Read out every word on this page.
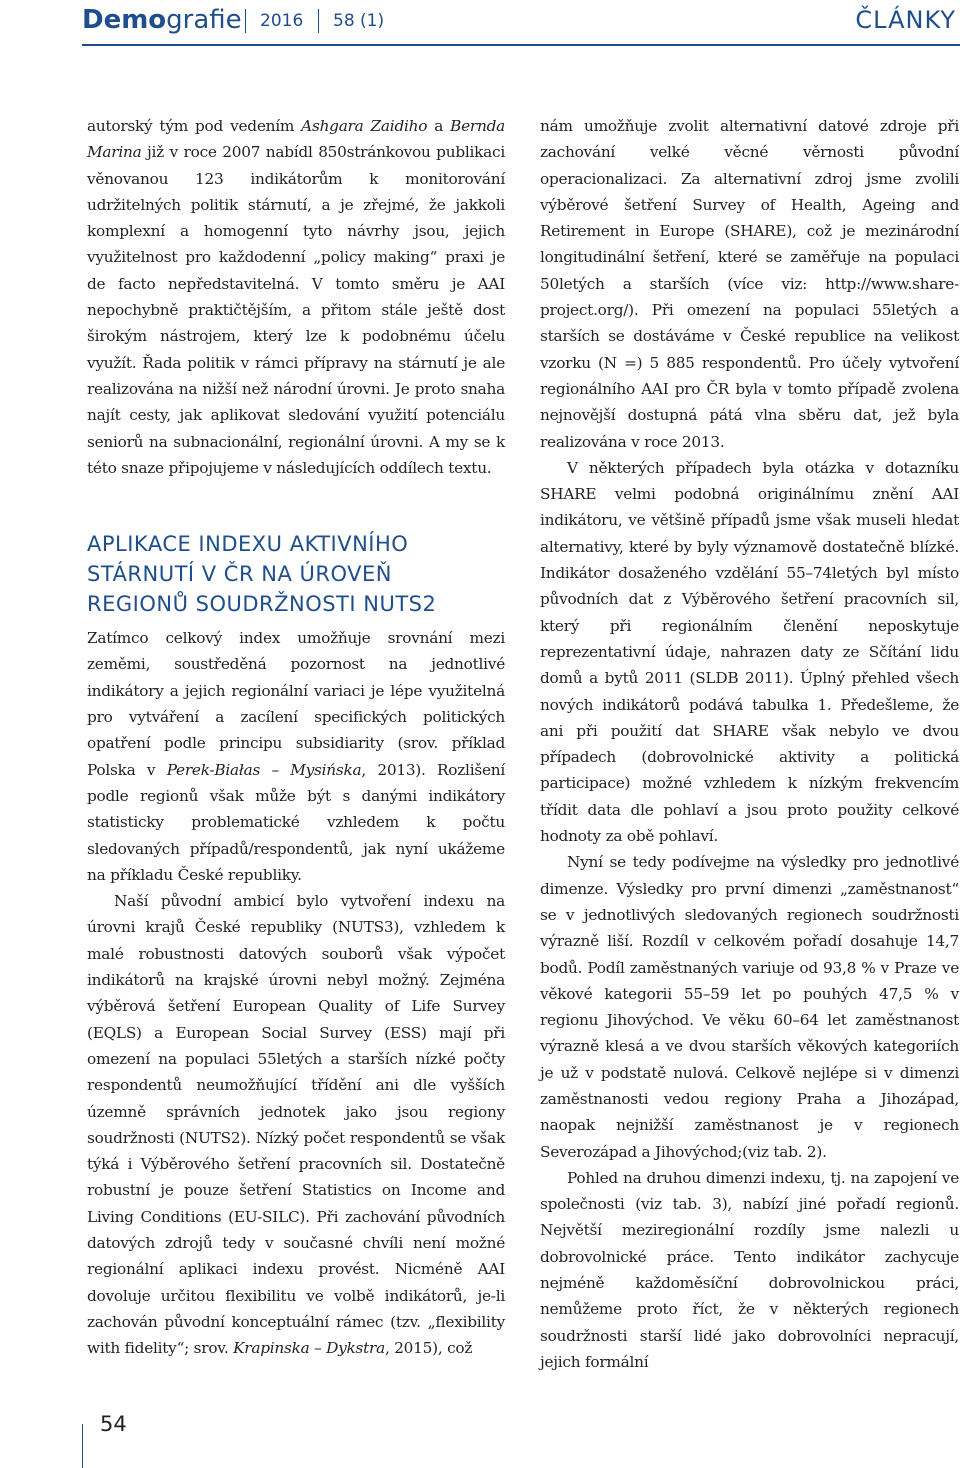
Demografie 2016 58 (1)	ČLÁNKY

autorský tým pod vedením Ashgara Zaidiho a Bernda Marina již v roce 2007 nabídl 850stránkovou publikaci věnovanou 123 indikátorům k monitorování udržitelných politik stárnutí, a je zřejmé, že jakkoli komplexní a homogenní tyto návrhy jsou, jejich využitelnost pro každodenní „policy making“ praxi je de facto nepředstavitelná. V tomto směru je AAI nepochybně praktičtějším, a přitom stále ještě dost širokým nástrojem, který lze k podobnému účelu využít. Řada politik v rámci přípravy na stárnutí je ale realizována na nižší než národní úrovni. Je proto snaha najít cesty, jak aplikovat sledování využití potenciálu seniorů na subnacionální, regionální úrovni. A my se k této snaze připojujeme v následujících oddílech textu.

APLIKACE INDEXU AKTIVNÍHO
STÁRNUTÍ V ČR NA ÚROVEŇ
REGIONŮ SOUDRŽNOSTI NUTS2

Zatímco celkový index umožňuje srovnání mezi zeměmi, soustředěná pozornost na jednotlivé indikátory a jejich regionální variaci je lépe využitelná pro vytváření a zacílení specifických politických opatření podle principu subsidiarity (srov. příklad Polska v Perek-Białas – Mysińska, 2013). Rozlišení podle regionů však může být s danými indikátory statisticky problematické vzhledem k počtu sledovaných případů/respondentů, jak nyní ukážeme na příkladu České republiky.

Naší původní ambicí bylo vytvoření indexu na úrovni krajů České republiky (NUTS3), vzhledem k malé robustnosti datových souborů však výpočet indikátorů na krajské úrovni nebyl možný. Zejména výběrová šetření European Quality of Life Survey (EQLS) a European Social Survey (ESS) mají při omezení na populaci 55letých a starších nízké počty respondentů neumožňující třídění ani dle vyšších územně správních jednotek jako jsou regiony soudržnosti (NUTS2). Nízký počet respondentů se však týká i Výběrového šetření pracovních sil. Dostatečně robustní je pouze šetření Statistics on Income and Living Conditions (EU-SILC). Při zachování původních datových zdrojů tedy v současné chvíli není možné regionální aplikaci indexu provést. Nicméně AAI dovoluje určitou flexibilitu ve volbě indikátorů, je-li zachován původní konceptuální rámec (tzv. „flexibility with fidelity“; srov. Krapinska – Dykstra, 2015), což

nám umožňuje zvolit alternativní datové zdroje při zachování velké věcné věrnosti původní operacionalizaci. Za alternativní zdroj jsme zvolili výběrové šetření Survey of Health, Ageing and Retirement in Europe (SHARE), což je mezinárodní longitudinální šetření, které se zaměřuje na populaci 50letých a starších (více viz: http://www.share-project.org/). Při omezení na populaci 55letých a starších se dostáváme v České republice na velikost vzorku (N =) 5 885 respondentů. Pro účely vytvoření regionálního AAI pro ČR byla v tomto případě zvolena nejnovější dostupná pátá vlna sběru dat, jež byla realizována v roce 2013.

V některých případech byla otázka v dotazníku SHARE velmi podobná originálnímu znění AAI indikátoru, ve většině případů jsme však museli hledat alternativy, které by byly významově dostatečně blízké. Indikátor dosaženého vzdělání 55–74letých byl místo původních dat z Výběrového šetření pracovních sil, který při regionálním členění neposkytuje reprezentativní údaje, nahrazen daty ze Sčítání lidu domů a bytů 2011 (SLDB 2011). Úplný přehled všech nových indikátorů podává tabulka 1. Předešleme, že ani při použití dat SHARE však nebylo ve dvou případech (dobrovolnické aktivity a politická participace) možné vzhledem k nízkým frekvencím třídit data dle pohlaví a jsou proto použity celkové hodnoty za obě pohlaví.

Nyní se tedy podívejme na výsledky pro jednotlivé dimenze. Výsledky pro první dimenzi „zaměstnanost“ se v jednotlivých sledovaných regionech soudržnosti výrazně liší. Rozdíl v celkovém pořadí dosahuje 14,7 bodů. Podíl zaměstnaných variuje od 93,8 % v Praze ve věkové kategorii 55–59 let po pouhých 47,5 % v regionu Jihovýchod. Ve věku 60–64 let zaměstnanost výrazně klesá a ve dvou starších věkových kategoriích je už v podstatě nulová. Celkově nejlépe si v dimenzi zaměstnanosti vedou regiony Praha a Jihozápad, naopak nejnižší zaměstnanost je v regionech Severozápad a Jihovýchod;(viz tab. 2).

Pohled na druhou dimenzi indexu, tj. na zapojení ve společnosti (viz tab. 3), nabízí jiné pořadí regionů. Největší meziregionální rozdíly jsme nalezli u dobrovolnické práce. Tento indikátor zachycuje nejméně každoměsíční dobrovolnickou práci, nemůžeme proto říct, že v některých regionech soudržnosti starší lidé jako dobrovolníci nepracují, jejich formální

54
